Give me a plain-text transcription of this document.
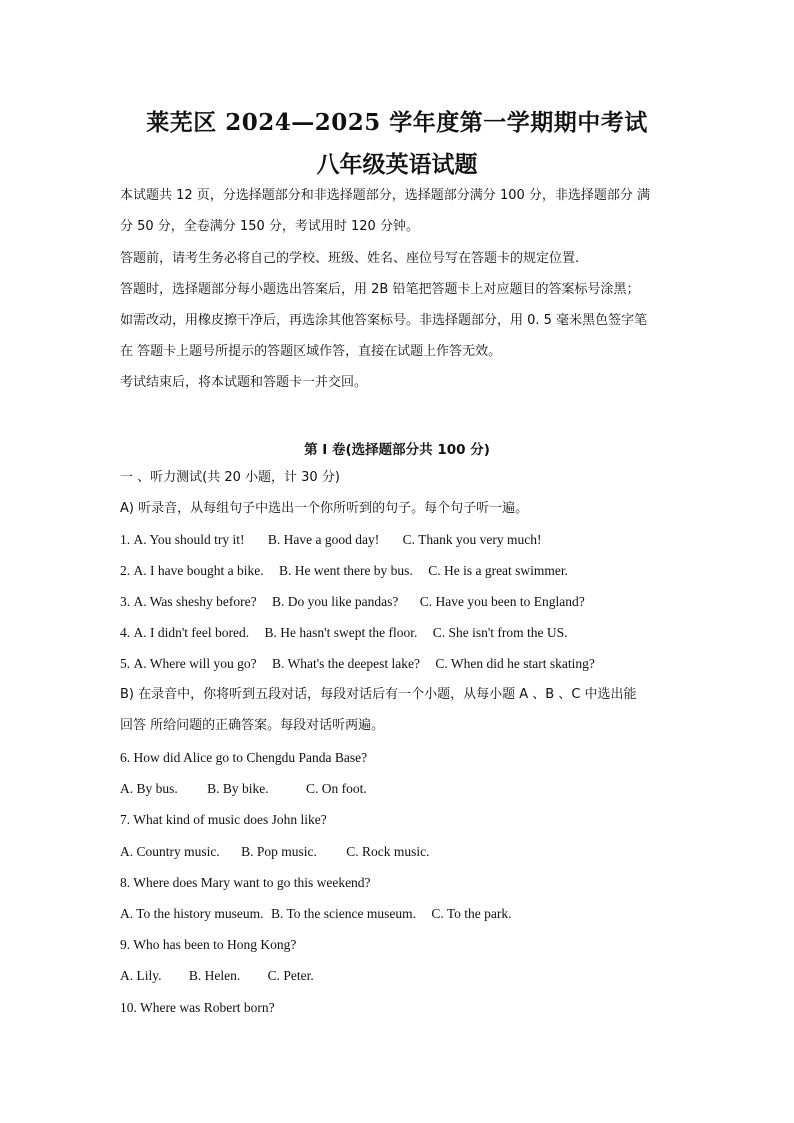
莱芜区 2024—2025 学年度第一学期期中考试
八年级英语试题
本试题共 12 页，分选择题部分和非选择题部分，选择题部分满分 100 分，非选择题部分 满
分 50 分，全卷满分 150 分，考试用时 120 分钟。
答题前，请考生务必将自己的学校、班级、姓名、座位号写在答题卡的规定位置.
答题时，选择题部分每小题选出答案后，用 2B 铅笔把答题卡上对应题目的答案标号涂黑；
如需改动，用橡皮擦干净后，再选涂其他答案标号。非选择题部分，用 0. 5 毫米黑色签字笔
在 答题卡上题号所提示的答题区域作答，直接在试题上作答无效。
考试结束后，将本试题和答题卡一并交回。
第 I 卷(选择题部分共 100 分)
一 、听力测试(共 20 小题，计 30 分)
A) 听录音，从每组句子中选出一个你所听到的句子。每个句子听一遍。
1. A. You should try it! B. Have a good day! C. Thank you very much!
2. A. I have bought a bike. B. He went there by bus. C. He is a great swimmer.
3. A. Was sheshy before? B. Do you like pandas? C. Have you been to England?
4. A. I didn't feel bored. B. He hasn't swept the floor. C. She isn't from the US.
5. A. Where will you go? B. What's the deepest lake? C. When did he start skating?
B) 在录音中，你将听到五段对话，每段对话后有一个小题，从每小题 A 、B 、C 中选出能
回答 所给问题的正确答案。每段对话听两遍。
6. How did Alice go to Chengdu Panda Base?
A. By bus. B. By bike.	C. On foot.
7. What kind of music does John like?
A. Country music. B. Pop music. C. Rock music.
8. Where does Mary want to go this weekend?
A. To the history museum. B. To the science museum. C. To the park.
9. Who has been to Hong Kong?
A. Lily. B. Helen. C. Peter.
10. Where was Robert born?
